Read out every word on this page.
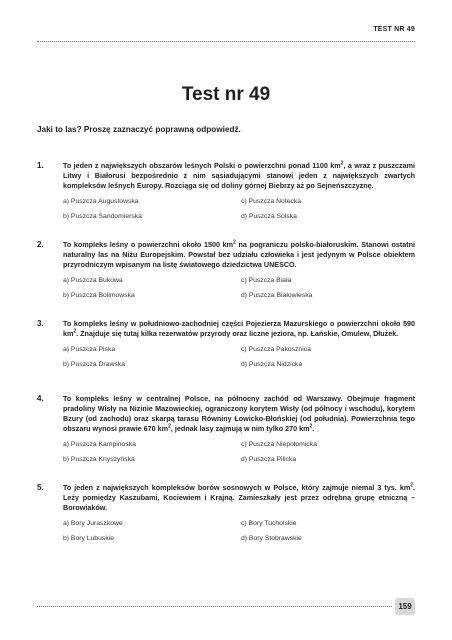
TEST NR 49
Test nr 49
Jaki to las? Proszę zaznaczyć poprawną odpowiedź.
1.	To jeden z największych obszarów leśnych Polski o powierzchni ponad 1100 $km^2$, a wraz z puszczami Litwy i Białorusi bezpośrednio z nim sąsiadującymi stanowi jeden z największych zwartych kompleksów leśnych Europy. Rozciąga się od doliny górnej Biebrzy aż po Sejneńszczyznę.
a) Puszcza Augustowska	c) Puszcza Notecka
b) Puszcza Sandomierska	d) Puszcza Solska
2.	To kompleks leśny o powierzchni około 1500 $km^2$ na pograniczu polsko-białoruskim. Stanowi ostatni naturalny las na Niżu Europejskim. Powstał bez udziału człowieka i jest jedynym w Polsce obiektem przyrodniczym wpisanym na listę światowego dziedzictwa UNESCO.
a) Puszcza Bukowa	c) Puszcza Biała
b) Puszcza Bolimowska	d) Puszcza Białowieska
3.	To kompleks leśny w południowo-zachodniej części Pojezierza Mazurskiego o powierzchni około 590 $km^2$. Znajduje się tutaj kilka rezerwatów przyrody oraz liczne jeziora, np. Łańskie, Omulew, Dłużek.
a) Puszcza Piska	c) Puszcza Pakosznica
b) Puszcza Drawska	d) Puszcza Nidzicka
4.	To kompleks leśny w centralnej Polsce, na północny zachód od Warszawy. Obejmuje fragment pradoliny Wisły na Nizinie Mazowieckiej, ograniczony korytem Wisły (od północy i wschodu), korytem Bzury (od zachodu) oraz skarpą tarasu Równiny Łowicko-Błońskiej (od południa). Powierzchnia tego obszaru wynosi prawie 670 $km^2$, jednak lasy zajmują w nim tylko 270 $km^2$.
a) Puszcza Kampinoska	c) Puszcza Niepołomicka
b) Puszcza Knyszyńska	d) Puszcza Pilicka
5.	To jeden z największych kompleksów borów sosnowych w Polsce, który zajmuje niemal 3 tys. $km^2$. Leży pomiędzy Kaszubami, Kociewiem i Krajną. Zamieszkały jest przez odrębną grupę etniczną – Borowiaków.
a) Bory Juraszkowe	c) Bory Tucholskie
b) Bory Lubuskie	d) Bory Stobrawskie
159
